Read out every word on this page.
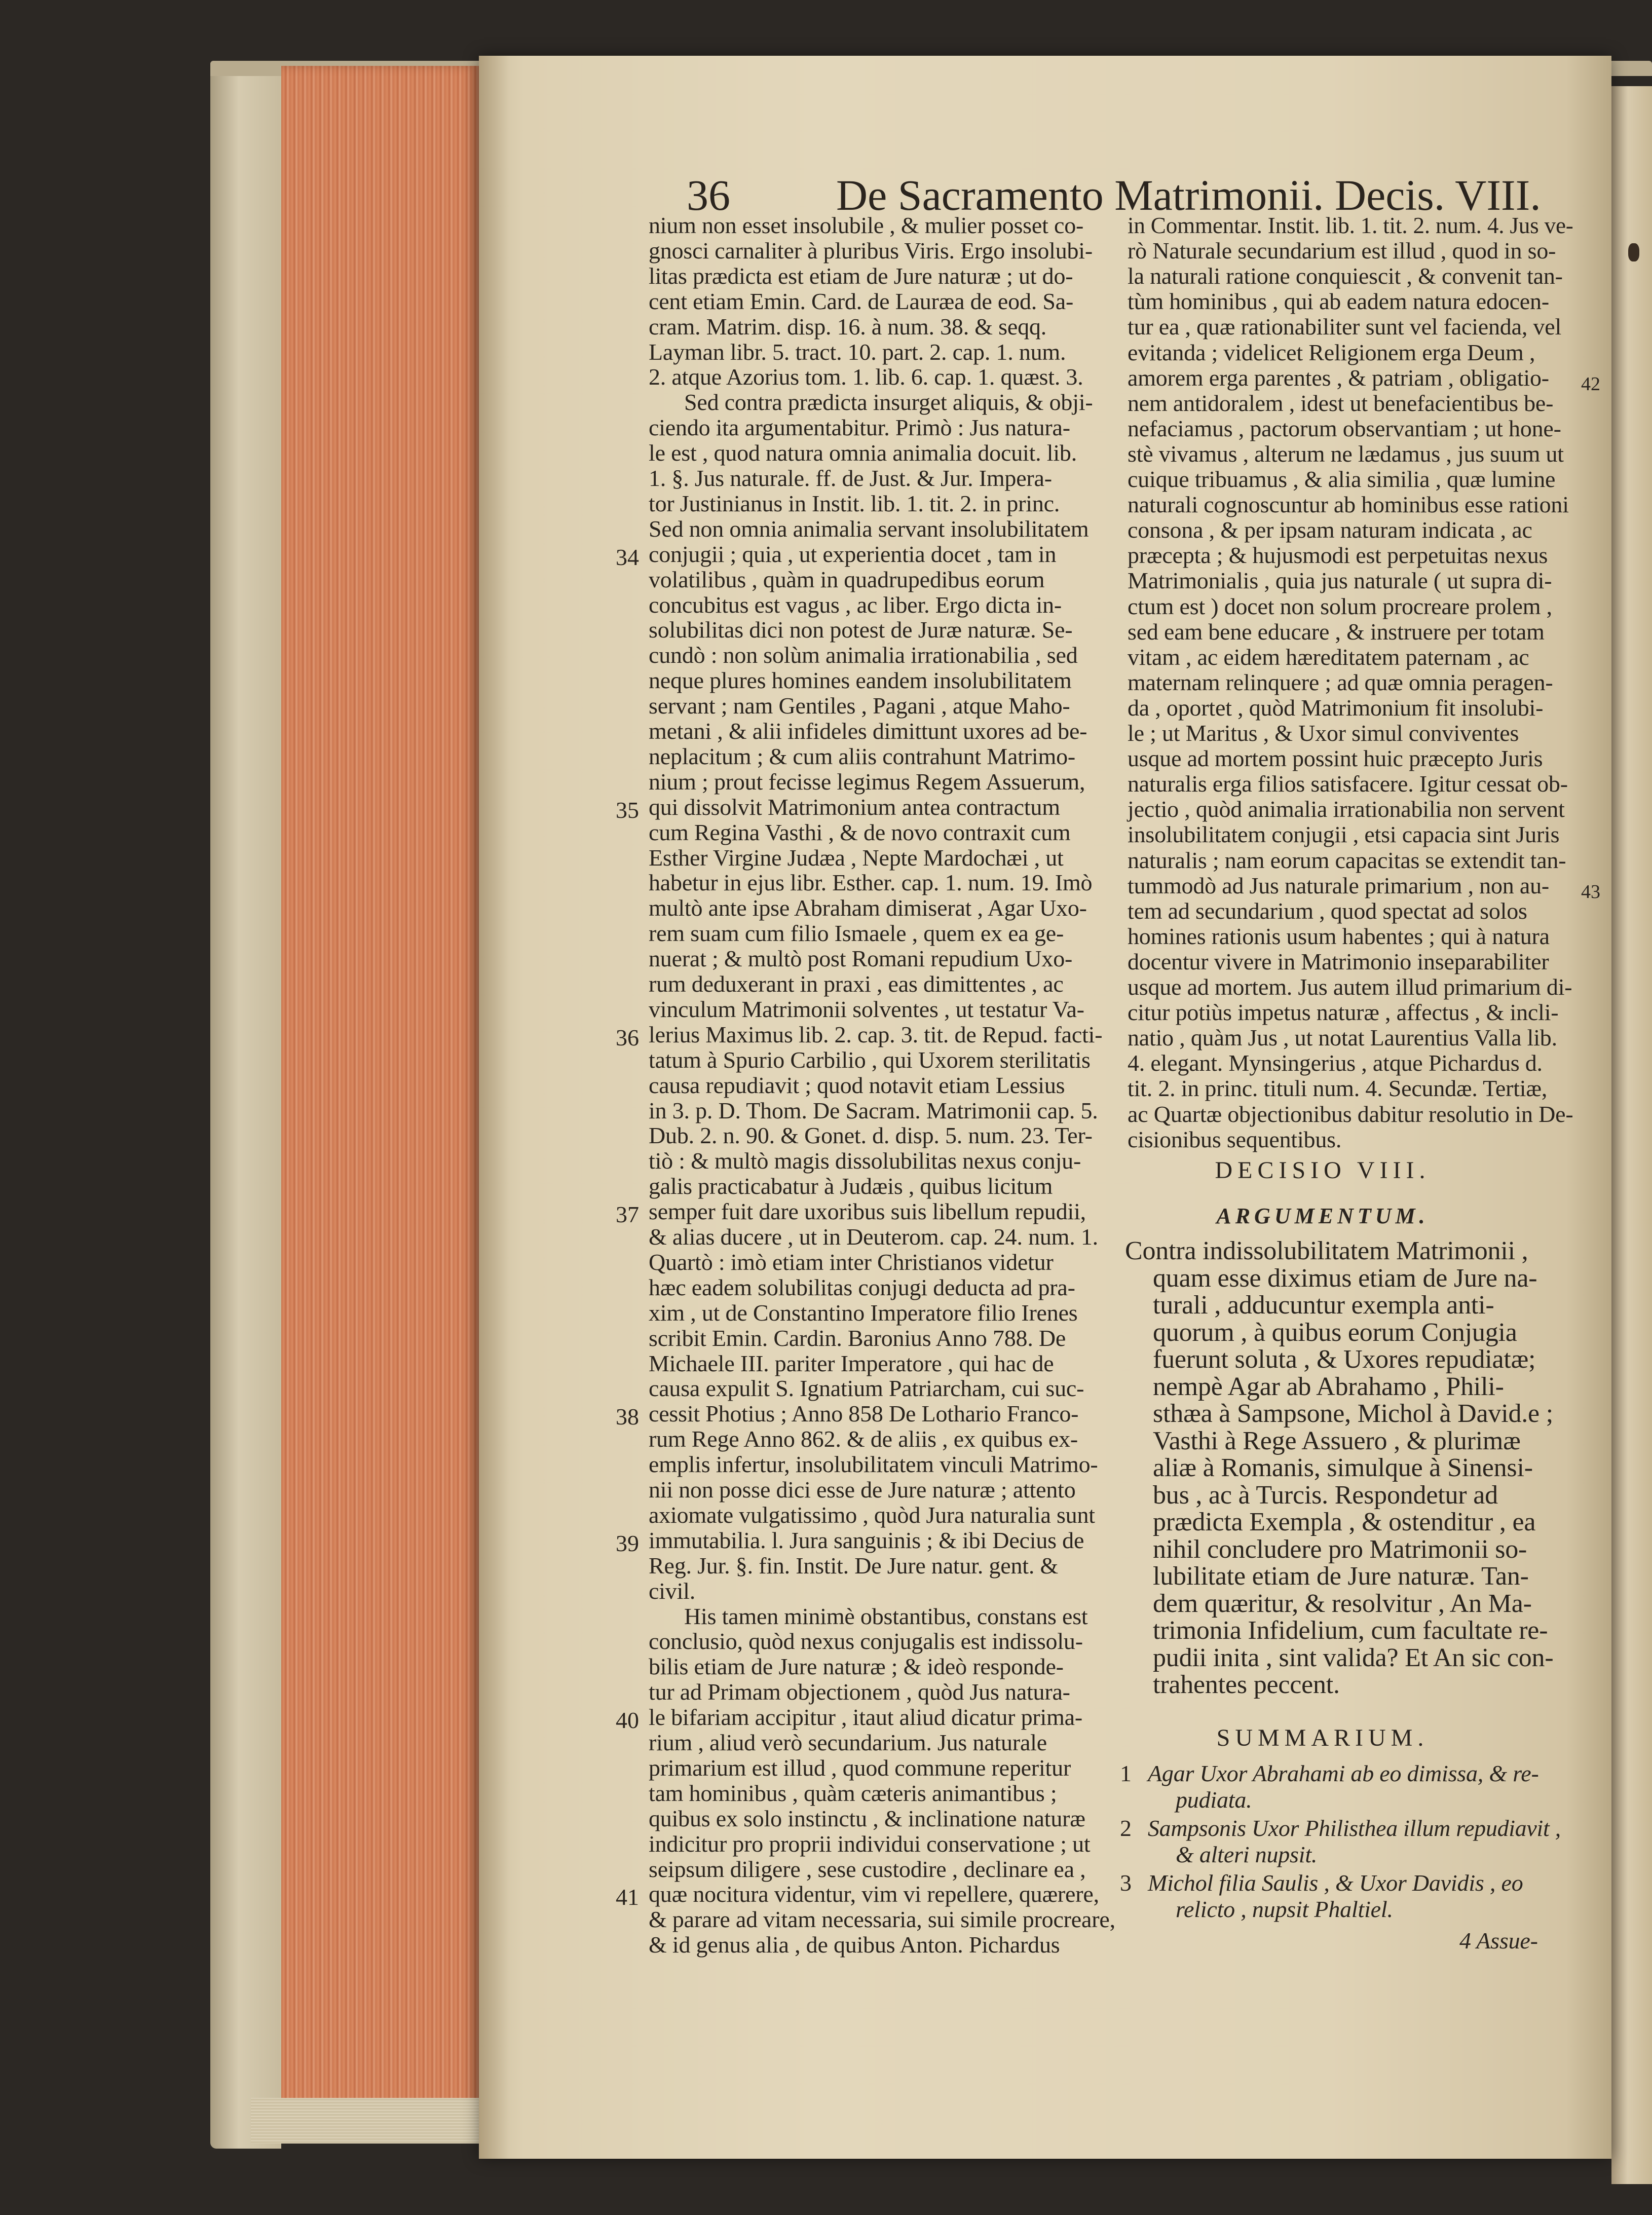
36 De Sacramento Matrimonii. Decis. VIII.
nium non esset insolubile , & mulier posset co-
gnosci carnaliter à pluribus Viris. Ergo insolubi-
litas prædicta est etiam de Jure naturæ ; ut do-
cent etiam Emin. Card. de Lauræa de eod. Sa-
cram. Matrim. disp. 16. à num. 38. & seqq.
Layman libr. 5. tract. 10. part. 2. cap. 1. num.
2. atque Azorius tom. 1. lib. 6. cap. 1. quæst. 3.
Sed contra prædicta insurget aliquis, & obji-
ciendo ita argumentabitur. Primò : Jus natura-
le est , quod natura omnia animalia docuit. lib.
1. §. Jus naturale. ff. de Just. & Jur. Impera-
tor Justinianus in Instit. lib. 1. tit. 2. in princ.
Sed non omnia animalia servant insolubilitatem
conjugii ; quia , ut experientia docet , tam in
volatilibus , quàm in quadrupedibus eorum
concubitus est vagus , ac liber. Ergo dicta in-
solubilitas dici non potest de Juræ naturæ. Se-
cundò : non solùm animalia irrationabilia , sed
neque plures homines eandem insolubilitatem
servant ; nam Gentiles , Pagani , atque Maho-
metani , & alii infideles dimittunt uxores ad be-
neplacitum ; & cum aliis contrahunt Matrimo-
nium ; prout fecisse legimus Regem Assuerum,
qui dissolvit Matrimonium antea contractum
cum Regina Vasthi , & de novo contraxit cum
Esther Virgine Judæa , Nepte Mardochæi , ut
habetur in ejus libr. Esther. cap. 1. num. 19. Imò
multò ante ipse Abraham dimiserat , Agar Uxo-
rem suam cum filio Ismaele , quem ex ea ge-
nuerat ; & multò post Romani repudium Uxo-
rum deduxerant in praxi , eas dimittentes , ac
vinculum Matrimonii solventes , ut testatur Va-
lerius Maximus lib. 2. cap. 3. tit. de Repud. facti-
tatum à Spurio Carbilio , qui Uxorem sterilitatis
causa repudiavit ; quod notavit etiam Lessius
in 3. p. D. Thom. De Sacram. Matrimonii cap. 5.
Dub. 2. n. 90. & Gonet. d. disp. 5. num. 23. Ter-
tiò : & multò magis dissolubilitas nexus conju-
galis practicabatur à Judæis , quibus licitum
semper fuit dare uxoribus suis libellum repudii,
& alias ducere , ut in Deuterom. cap. 24. num. 1.
Quartò : imò etiam inter Christianos videtur
hæc eadem solubilitas conjugi deducta ad pra-
xim , ut de Constantino Imperatore filio Irenes
scribit Emin. Cardin. Baronius Anno 788. De
Michaele III. pariter Imperatore , qui hac de
causa expulit S. Ignatium Patriarcham, cui suc-
cessit Photius ; Anno 858 De Lothario Franco-
rum Rege Anno 862. & de aliis , ex quibus ex-
emplis infertur, insolubilitatem vinculi Matrimo-
nii non posse dici esse de Jure naturæ ; attento
axiomate vulgatissimo , quòd Jura naturalia sunt
immutabilia. l. Jura sanguinis ; & ibi Decius de
Reg. Jur. §. fin. Instit. De Jure natur. gent. &
civil.
His tamen minimè obstantibus, constans est
conclusio, quòd nexus conjugalis est indissolu-
bilis etiam de Jure naturæ ; & ideò responde-
tur ad Primam objectionem , quòd Jus natura-
le bifariam accipitur , itaut aliud dicatur prima-
rium , aliud verò secundarium. Jus naturale
primarium est illud , quod commune reperitur
tam hominibus , quàm cæteris animantibus ;
quibus ex solo instinctu , & inclinatione naturæ
indicitur pro proprii individui conservatione ; ut
seipsum diligere , sese custodire , declinare ea ,
quæ nocitura videntur, vim vi repellere, quærere,
& parare ad vitam necessaria, sui simile procreare,
& id genus alia , de quibus Anton. Pichardus
34
35
36
37
38
39
40
41
in Commentar. Instit. lib. 1. tit. 2. num. 4. Jus ve-
rò Naturale secundarium est illud , quod in so-
la naturali ratione conquiescit , & convenit tan-
tùm hominibus , qui ab eadem natura edocen-
tur ea , quæ rationabiliter sunt vel facienda, vel
evitanda ; videlicet Religionem erga Deum ,
amorem erga parentes , & patriam , obligatio-
nem antidoralem , idest ut benefacientibus be-
nefaciamus , pactorum observantiam ; ut hone-
stè vivamus , alterum ne lædamus , jus suum ut
cuique tribuamus , & alia similia , quæ lumine
naturali cognoscuntur ab hominibus esse rationi
consona , & per ipsam naturam indicata , ac
præcepta ; & hujusmodi est perpetuitas nexus
Matrimonialis , quia jus naturale ( ut supra di-
ctum est ) docet non solum procreare prolem ,
sed eam bene educare , & instruere per totam
vitam , ac eidem hæreditatem paternam , ac
maternam relinquere ; ad quæ omnia peragen-
da , oportet , quòd Matrimonium fit insolubi-
le ; ut Maritus , & Uxor simul conviventes
usque ad mortem possint huic præcepto Juris
naturalis erga filios satisfacere. Igitur cessat ob-
jectio , quòd animalia irrationabilia non servent
insolubilitatem conjugii , etsi capacia sint Juris
naturalis ; nam eorum capacitas se extendit tan-
tummodò ad Jus naturale primarium , non au-
tem ad secundarium , quod spectat ad solos
homines rationis usum habentes ; qui à natura
docentur vivere in Matrimonio inseparabiliter
usque ad mortem. Jus autem illud primarium di-
citur potiùs impetus naturæ , affectus , & incli-
natio , quàm Jus , ut notat Laurentius Valla lib.
4. elegant. Mynsingerius , atque Pichardus d.
tit. 2. in princ. tituli num. 4. Secundæ. Tertiæ,
ac Quartæ objectionibus dabitur resolutio in De-
cisionibus sequentibus.
42
43
DECISIO VIII.
ARGUMENTUM.
Contra indissolubilitatem Matrimonii ,
quam esse diximus etiam de Jure na-
turali , adducuntur exempla anti-
quorum , à quibus eorum Conjugia
fuerunt soluta , & Uxores repudiatæ;
nempè Agar ab Abrahamo , Phili-
sthæa à Sampsone, Michol à David.e ;
Vasthi à Rege Assuero , & plurimæ
aliæ à Romanis, simulque à Sinensi-
bus , ac à Turcis. Respondetur ad
prædicta Exempla , & ostenditur , ea
nihil concludere pro Matrimonii so-
lubilitate etiam de Jure naturæ. Tan-
dem quæritur, & resolvitur , An Ma-
trimonia Infidelium, cum facultate re-
pudii inita , sint valida? Et An sic con-
trahentes peccent.
SUMMARIUM.
1 Agar Uxor Abrahami ab eo dimissa, & re-
pudiata.
2 Sampsonis Uxor Philisthea illum repudiavit ,
& alteri nupsit.
3 Michol filia Saulis , & Uxor Davidis , eo
relicto , nupsit Phaltiel.
4 Assue-
